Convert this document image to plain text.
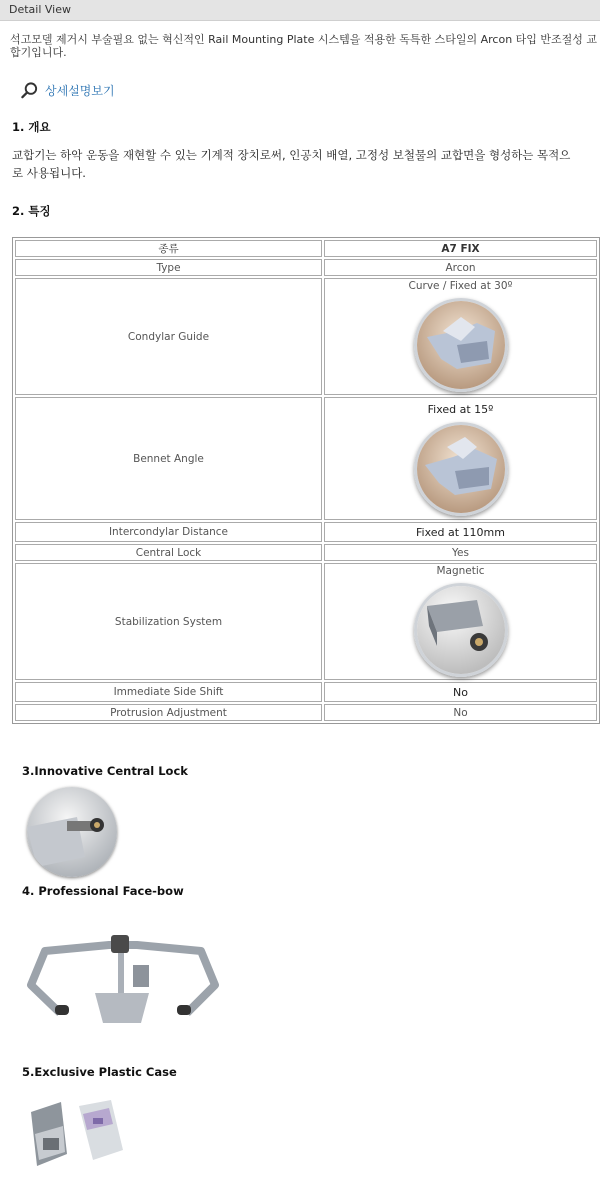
Detail View
석고모델 제거시 부술필요 없는 혁신적인 Rail Mounting Plate 시스템을 적용한 독특한 스타일의 Arcon 타입 반조절성 교
합기입니다.
상세설명보기
1. 개요
교합기는 하악 운동을 재현할 수 있는 기계적 장치로써, 인공치 배열, 고정성 보철물의 교합면을 형성하는 목적으
로 사용됩니다.
2. 특징
종류	A7 FIX
Type	Arcon
Condylar Guide	Curve / Fixed at 30º

Bennet Angle	Fixed at 15º

Intercondylar Distance	Fixed at 110mm
Central Lock	Yes
Stabilization System	Magnetic

Immediate Side Shift	No
Protrusion Adjustment	No
3.Innovative Central Lock
4. Professional Face-bow
5.Exclusive Plastic Case
